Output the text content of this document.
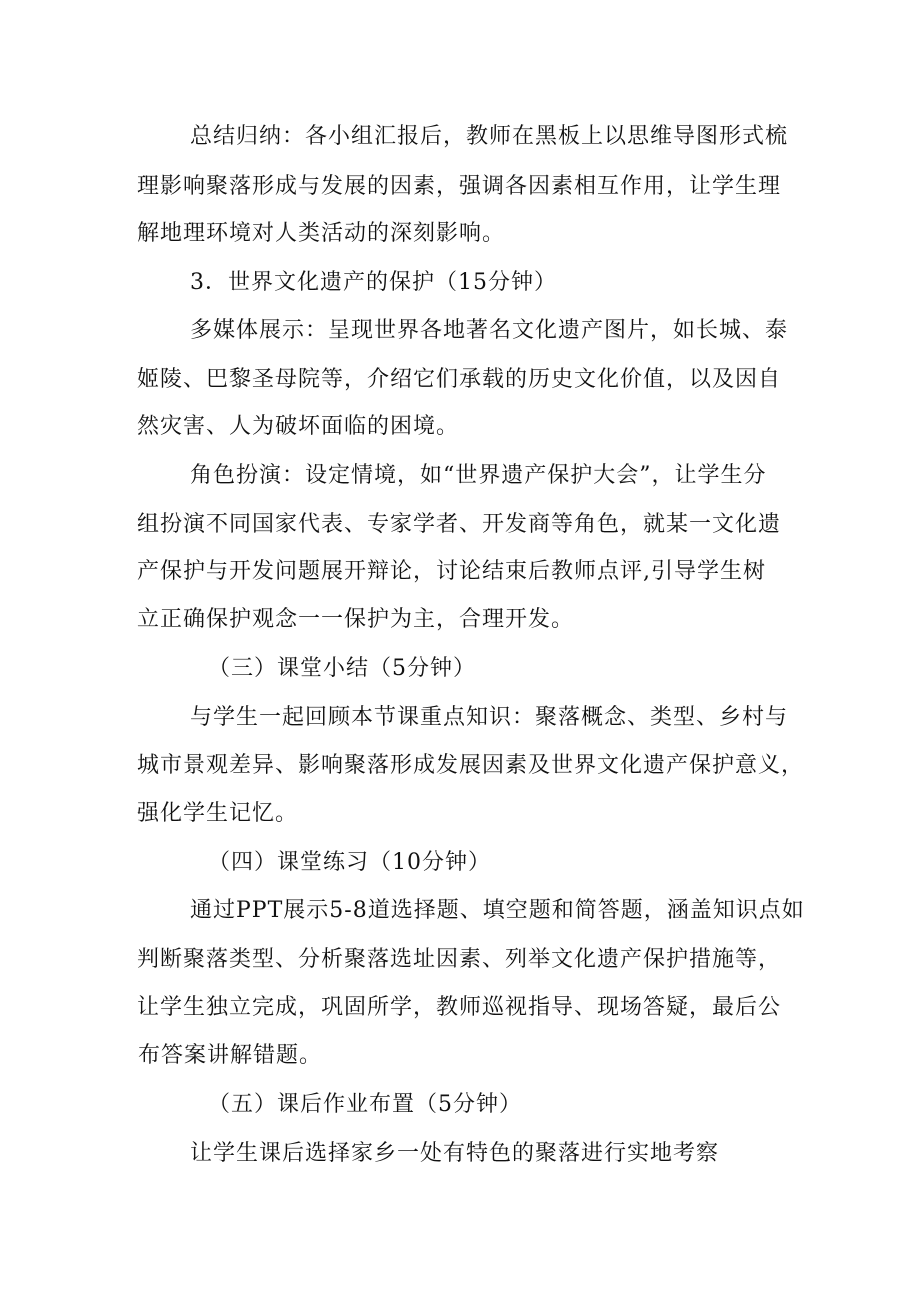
总结归纳：各小组汇报后，教师在黑板上以思维导图形式梳
理影响聚落形成与发展的因素，强调各因素相互作用，让学生理
解地理环境对人类活动的深刻影响。
3．世界文化遗产的保护（15分钟）
多媒体展示：呈现世界各地著名文化遗产图片，如长城、泰
姬陵、巴黎圣母院等，介绍它们承载的历史文化价值，以及因自
然灾害、人为破坏面临的困境。
角色扮演：设定情境，如“世界遗产保护大会”，让学生分
组扮演不同国家代表、专家学者、开发商等角色，就某一文化遗
产保护与开发问题展开辩论，讨论结束后教师点评,引导学生树
立正确保护观念一一保护为主，合理开发。
（三）课堂小结（5分钟）
与学生一起回顾本节课重点知识：聚落概念、类型、乡村与
城市景观差异、影响聚落形成发展因素及世界文化遗产保护意义，
强化学生记忆。
（四）课堂练习（10分钟）
通过PPT展示5-8道选择题、填空题和简答题，涵盖知识点如
判断聚落类型、分析聚落选址因素、列举文化遗产保护措施等，
让学生独立完成，巩固所学，教师巡视指导、现场答疑，最后公
布答案讲解错题。
（五）课后作业布置（5分钟）
让学生课后选择家乡一处有特色的聚落进行实地考察
